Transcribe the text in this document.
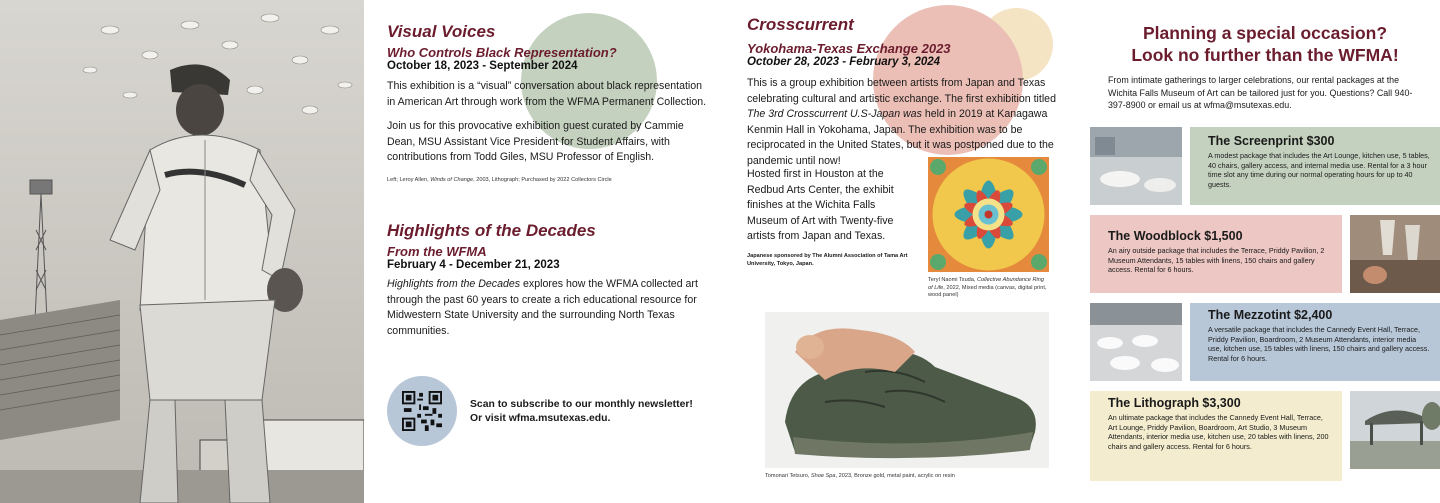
Visual Voices
Who Controls Black Representation?
October 18, 2023 - September 2024

This exhibition is a “visual” conversation about black representation in American Art through work from the WFMA Permanent Collection.

Join us for this provocative exhibition guest curated by Cammie Dean, MSU Assistant Vice President for Student Affairs, with contributions from Todd Giles, MSU Professor of English.

Left; Leroy Allen, Winds of Change, 2003, Lithograph; Purchased by 2022 Collectors Circle

Highlights of the Decades
From the WFMA
February 4 - December 21, 2023

Highlights from the Decades explores how the WFMA collected art through the past 60 years to create a rich educational resource for Midwestern State University and the surrounding North Texas communities.

Scan to subscribe to our monthly newsletter!
Or visit wfma.msutexas.edu.
Crosscurrent
Yokohama-Texas Exchange 2023
October 28, 2023 - February 3, 2024

This is a group exhibition between artists from Japan and Texas celebrating cultural and artistic exchange. The first exhibition titled The 3rd Crosscurrent U.S-Japan was held in 2019 at Kanagawa Kenmin Hall in Yokohama, Japan. The exhibition was to be reciprocated in the United States, but it was postponed due to the pandemic until now!

Hosted first in Houston at the Redbud Arts Center, the exhibit finishes at the Wichita Falls Museum of Art with Twenty-five artists from Japan and Texas.

Japanese sponsored by The Alumni Association of Tama Art University, Tokyo, Japan.

Teryl Naomi Tsuda, Collective Abundance Ring of Life, 2022, Mixed media (canvas, digital print, wood panel)

Tomonari Tetsuro, Shoe Spa, 2023, Bronze gold, metal paint, acrylic on resin

Planning a special occasion?
Look no further than the WFMA!

From intimate gatherings to larger celebrations, our rental packages at the Wichita Falls Museum of Art can be tailored just for you. Questions? Call 940-397-8900 or email us at wfma@msutexas.edu.

The Screenprint $300
A modest package that includes the Art Lounge, kitchen use, 5 tables, 40 chairs, gallery access, and internal media use. Rental for a 3 hour time slot any time during our normal operating hours for up to 40 guests.
The Woodblock $1,500
An airy outside package that includes the Terrace, Priddy Pavilion, 2 Museum Attendants, 15 tables with linens, 150 chairs and gallery access. Rental for 6 hours.
The Mezzotint $2,400
A versatile package that includes the Cannedy Event Hall, Terrace, Priddy Pavilion, Boardroom, 2 Museum Attendants, interior media use, kitchen use, 15 tables with linens, 150 chairs and gallery access. Rental for 6 hours.
The Lithograph $3,300
An ultimate package that includes the Cannedy Event Hall, Terrace, Art Lounge, Priddy Pavilion, Boardroom, Art Studio, 3 Museum Attendants, interior media use, kitchen use, 20 tables with linens, 200 chairs and gallery access. Rental for 6 hours.
